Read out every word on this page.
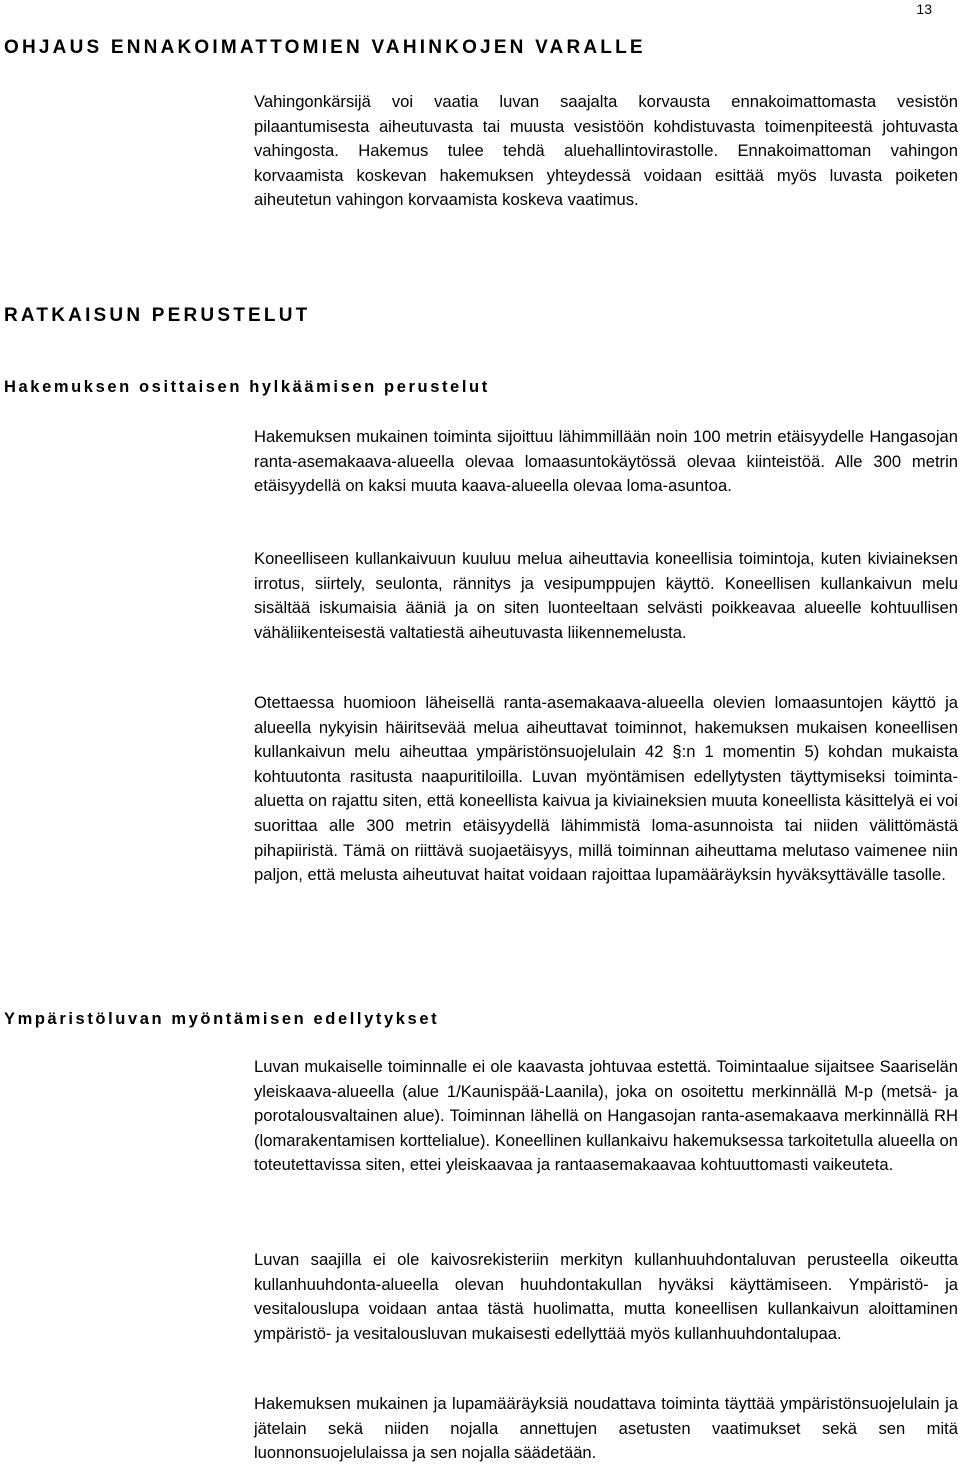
13
OHJAUS ENNAKOIMATTOMIEN VAHINKOJEN VARALLE

Vahingonkärsijä voi vaatia luvan saajalta korvausta ennakoimattomasta vesistön pilaantumisesta aiheutuvasta tai muusta vesistöön kohdistuvasta toimenpiteestä johtuvasta vahingosta. Hakemus tulee tehdä aluehallintovirastolle. Ennakoimattoman vahingon korvaamista koskevan hakemuksen yhteydessä voidaan esittää myös luvasta poiketen aiheutetun vahingon korvaamista koskeva vaatimus.

RATKAISUN PERUSTELUT
Hakemuksen osittaisen hylkäämisen perustelut

Hakemuksen mukainen toiminta sijoittuu lähimmillään noin 100 metrin etäisyydelle Hangasojan ranta-asemakaava-alueella olevaa lomaasuntokäytössä olevaa kiinteistöä. Alle 300 metrin etäisyydellä on kaksi muuta kaava-alueella olevaa loma-asuntoa.

Koneelliseen kullankaivuun kuuluu melua aiheuttavia koneellisia toimintoja, kuten kiviaineksen irrotus, siirtely, seulonta, rännitys ja vesipumppujen käyttö. Koneellisen kullankaivun melu sisältää iskumaisia ääniä ja on siten luonteeltaan selvästi poikkeavaa alueelle kohtuullisen vähäliikenteisestä valtatiestä aiheutuvasta liikennemelusta.

Otettaessa huomioon läheisellä ranta-asemakaava-alueella olevien lomaasuntojen käyttö ja alueella nykyisin häiritsevää melua aiheuttavat toiminnot, hakemuksen mukaisen koneellisen kullankaivun melu aiheuttaa ympäristönsuojelulain 42 §:n 1 momentin 5) kohdan mukaista kohtuutonta rasitusta naapuritiloilla. Luvan myöntämisen edellytysten täyttymiseksi toiminta-aluetta on rajattu siten, että koneellista kaivua ja kiviaineksien muuta koneellista käsittelyä ei voi suorittaa alle 300 metrin etäisyydellä lähimmistä loma-asunnoista tai niiden välittömästä pihapiiristä. Tämä on riittävä suojaetäisyys, millä toiminnan aiheuttama melutaso vaimenee niin paljon, että melusta aiheutuvat haitat voidaan rajoittaa lupamääräyksin hyväksyttävälle tasolle.

Ympäristöluvan myöntämisen edellytykset

Luvan mukaiselle toiminnalle ei ole kaavasta johtuvaa estettä. Toimintaalue sijaitsee Saariselän yleiskaava-alueella (alue 1/Kaunispää-Laanila), joka on osoitettu merkinnällä M-p (metsä- ja porotalousvaltainen alue). Toiminnan lähellä on Hangasojan ranta-asemakaava merkinnällä RH (lomarakentamisen korttelialue). Koneellinen kullankaivu hakemuksessa tarkoitetulla alueella on toteutettavissa siten, ettei yleiskaavaa ja rantaasemakaavaa kohtuuttomasti vaikeuteta.

Luvan saajilla ei ole kaivosrekisteriin merkityn kullanhuuhdontaluvan perusteella oikeutta kullanhuuhdonta-alueella olevan huuhdontakullan hyväksi käyttämiseen. Ympäristö- ja vesitalouslupa voidaan antaa tästä huolimatta, mutta koneellisen kullankaivun aloittaminen ympäristö- ja vesitalousluvan mukaisesti edellyttää myös kullanhuuhdontalupaa.

Hakemuksen mukainen ja lupamääräyksiä noudattava toiminta täyttää ympäristönsuojelulain ja jätelain sekä niiden nojalla annettujen asetusten vaatimukset sekä sen mitä luonnonsuojelulaissa ja sen nojalla säädetään.
